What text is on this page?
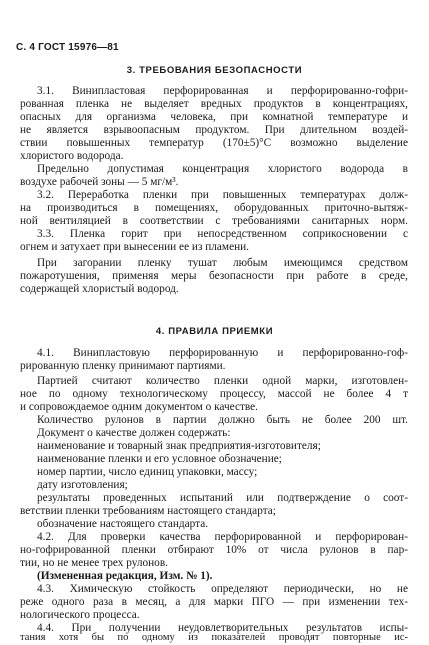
С. 4 ГОСТ 15976—81
3. ТРЕБОВАНИЯ БЕЗОПАСНОСТИ
3.1. Винипластовая перфорированная и перфорированно-гофри-
рованная пленка не выделяет вредных продуктов в концентрациях,
опасных для организма человека, при комнатной температуре и
не является взрывоопасным продуктом. При длительном воздей-
ствии повышенных температур (170±5)°С возможно выделение
хлористого водорода.
Предельно допустимая концентрация хлористого водорода в
воздухе рабочей зоны — 5 мг/м³.
3.2. Переработка пленки при повышенных температурах долж-
на производиться в помещениях, оборудованных приточно-вытяж-
ной вентиляцией в соответствии с требованиями санитарных норм.
3.3. Пленка горит при непосредственном соприкосновении с
огнем и затухает при вынесении ее из пламени.
При загорании пленку тушат любым имеющимся средством
пожаротушения, применяя меры безопасности при работе в среде,
содержащей хлористый водород.
4. ПРАВИЛА ПРИЕМКИ
4.1. Винипластовую перфорированную и перфорированно-гоф-
рированную пленку принимают партиями.
Партией считают количество пленки одной марки, изготовлен-
ное по одному технологическому процессу, массой не более 4 т
и сопровождаемое одним документом о качестве.
Количество рулонов в партии должно быть не более 200 шт.
Документ о качестве должен содержать:
наименование и товарный знак предприятия-изготовителя;
наименование пленки и его условное обозначение;
номер партии, число единиц упаковки, массу;
дату изготовления;
результаты проведенных испытаний или подтверждение о соот-
ветствии пленки требованиям настоящего стандарта;
обозначение настоящего стандарта.
4.2. Для проверки качества перфорированной и перфорирован-
но-гофрированной пленки отбирают 10% от числа рулонов в пар-
тии, но не менее трех рулонов.
(Измененная редакция, Изм. № 1).
4.3. Химическую стойкость определяют периодически, но не
реже одного раза в месяц, а для марки ПГО — при изменении тех-
нологического процесса.
4.4. При получении неудовлетворительных результатов испы-
тания хотя бы по одному из показателей проводят повторные ис-
